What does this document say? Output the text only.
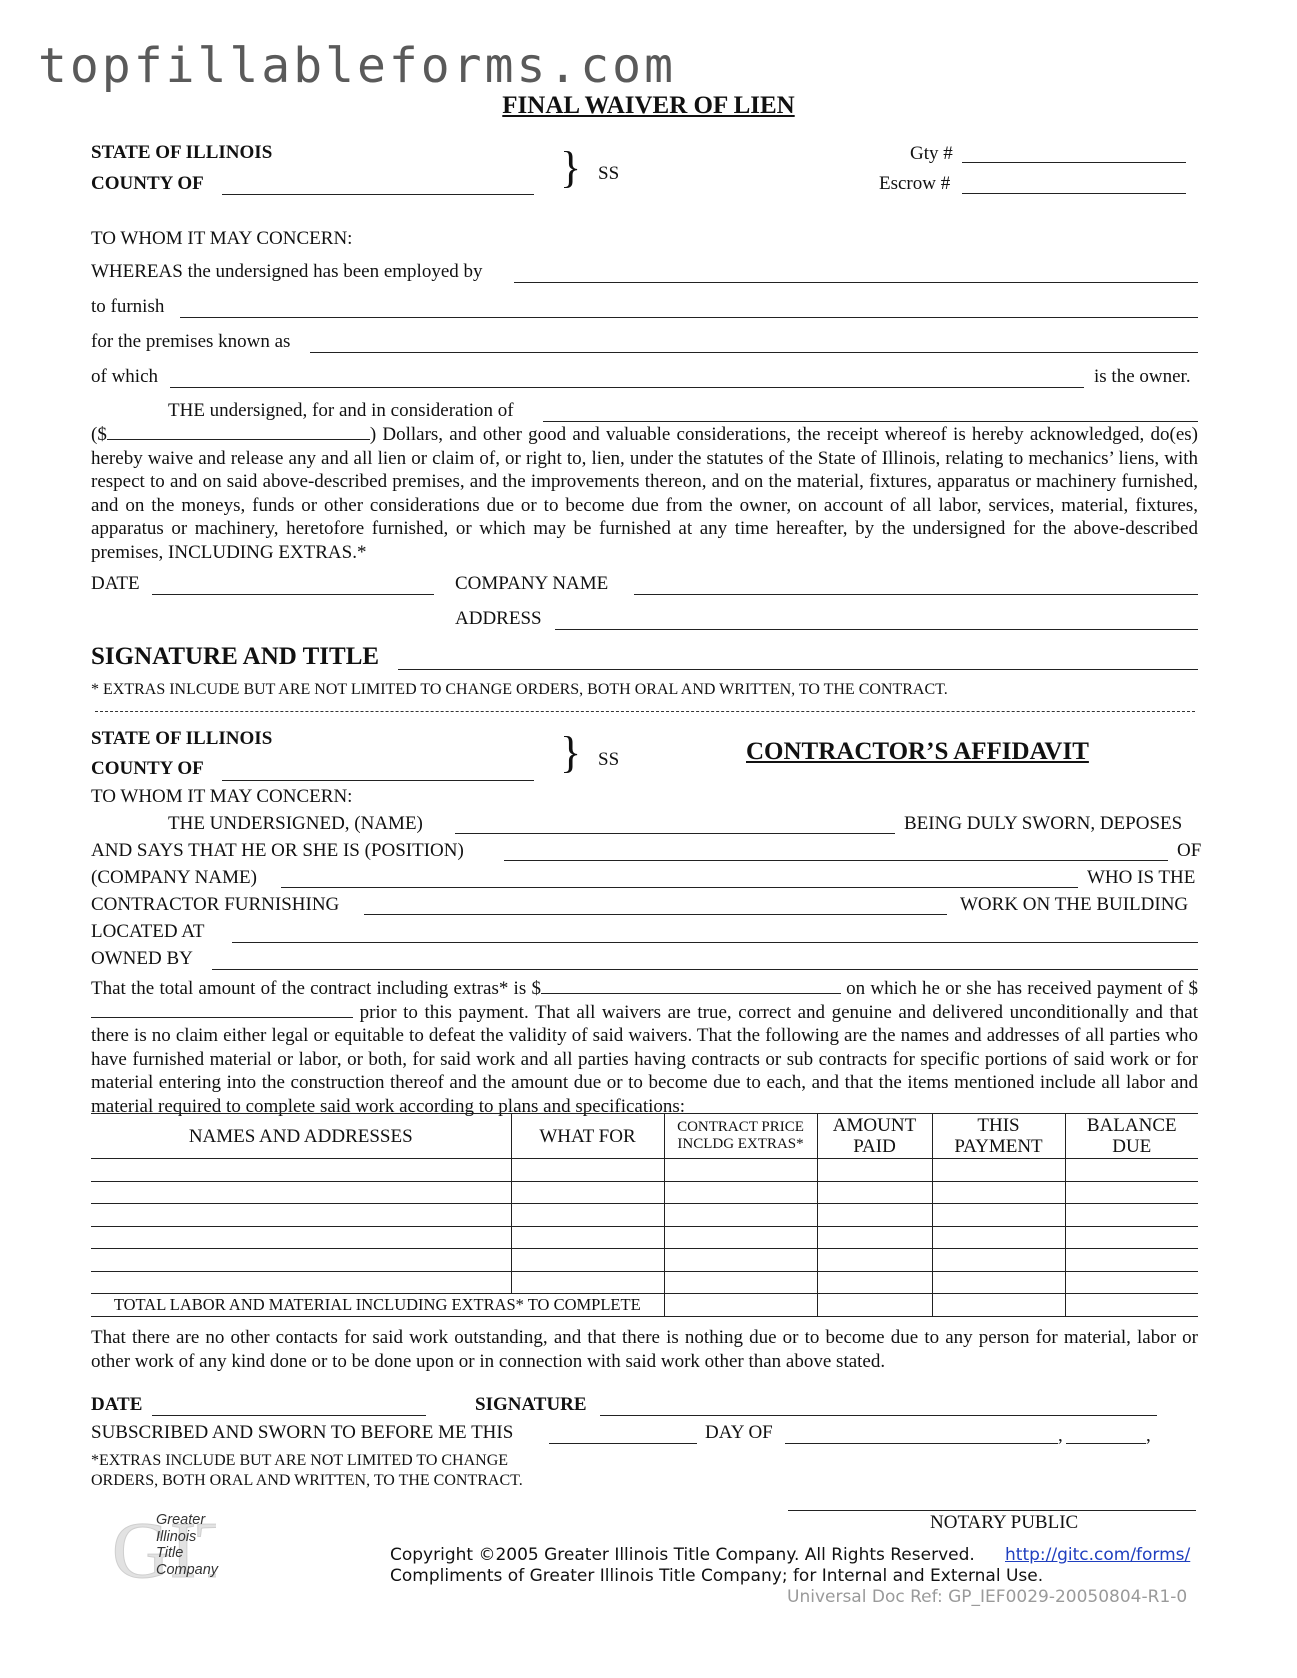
topfillableforms.com
FINAL WAIVER OF LIEN
STATE OF ILLINOIS
COUNTY OF	} SS
Gty #
Escrow #
TO WHOM IT MAY CONCERN:
WHEREAS the undersigned has been employed by
to furnish
for the premises known as
of which	is the owner.
THE undersigned, for and in consideration of
($	) Dollars, and other good and valuable considerations, the receipt whereof is hereby acknowledged, do(es) hereby waive and release any and all lien or claim of, or right to, lien, under the statutes of the State of Illinois, relating to mechanics’ liens, with respect to and on said above-described premises, and the improvements thereon, and on the material, fixtures, apparatus or machinery furnished, and on the moneys, funds or other considerations due or to become due from the owner, on account of all labor, services, material, fixtures, apparatus or machinery, heretofore furnished, or which may be furnished at any time hereafter, by the undersigned for the above-described premises, INCLUDING EXTRAS.*
DATE	COMPANY NAME
ADDRESS
SIGNATURE AND TITLE
* EXTRAS INLCUDE BUT ARE NOT LIMITED TO CHANGE ORDERS, BOTH ORAL AND WRITTEN, TO THE CONTRACT.
STATE OF ILLINOIS
COUNTY OF	} SS	CONTRACTOR’S AFFIDAVIT
TO WHOM IT MAY CONCERN:
THE UNDERSIGNED, (NAME)	BEING DULY SWORN, DEPOSES
AND SAYS THAT HE OR SHE IS (POSITION)	OF
(COMPANY NAME)	WHO IS THE
CONTRACTOR FURNISHING	WORK ON THE BUILDING
LOCATED AT
OWNED BY
That the total amount of the contract including extras* is $	on which he or she has received payment of $  prior to this payment. That all waivers are true, correct and genuine and delivered unconditionally and that there is no claim either legal or equitable to defeat the validity of said waivers. That the following are the names and addresses of all parties who have furnished material or labor, or both, for said work and all parties having contracts or sub contracts for specific portions of said work or for material entering into the construction thereof and the amount due or to become due to each, and that the items mentioned include all labor and material required to complete said work according to plans and specifications:
NAMES AND ADDRESSES	WHAT FOR	CONTRACT PRICE INCLDG EXTRAS*	AMOUNT PAID	THIS PAYMENT	BALANCE DUE

TOTAL LABOR AND MATERIAL INCLUDING EXTRAS* TO COMPLETE					
That there are no other contacts for said work outstanding, and that there is nothing due or to become due to any person for material, labor or other work of any kind done or to be done upon or in connection with said work other than above stated.
DATE	SIGNATURE
SUBSCRIBED AND SWORN TO BEFORE ME THIS	DAY OF	,	,
*EXTRAS INCLUDE BUT ARE NOT LIMITED TO CHANGE
ORDERS, BOTH ORAL AND WRITTEN, TO THE CONTRACT.
NOTARY PUBLIC
GI
Greater
Illinois
Title
Company
Copyright ©2005 Greater Illinois Title Company. All Rights Reserved. http://gitc.com/forms/
Compliments of Greater Illinois Title Company; for Internal and External Use.
Universal Doc Ref: GP_IEF0029-20050804-R1-0
